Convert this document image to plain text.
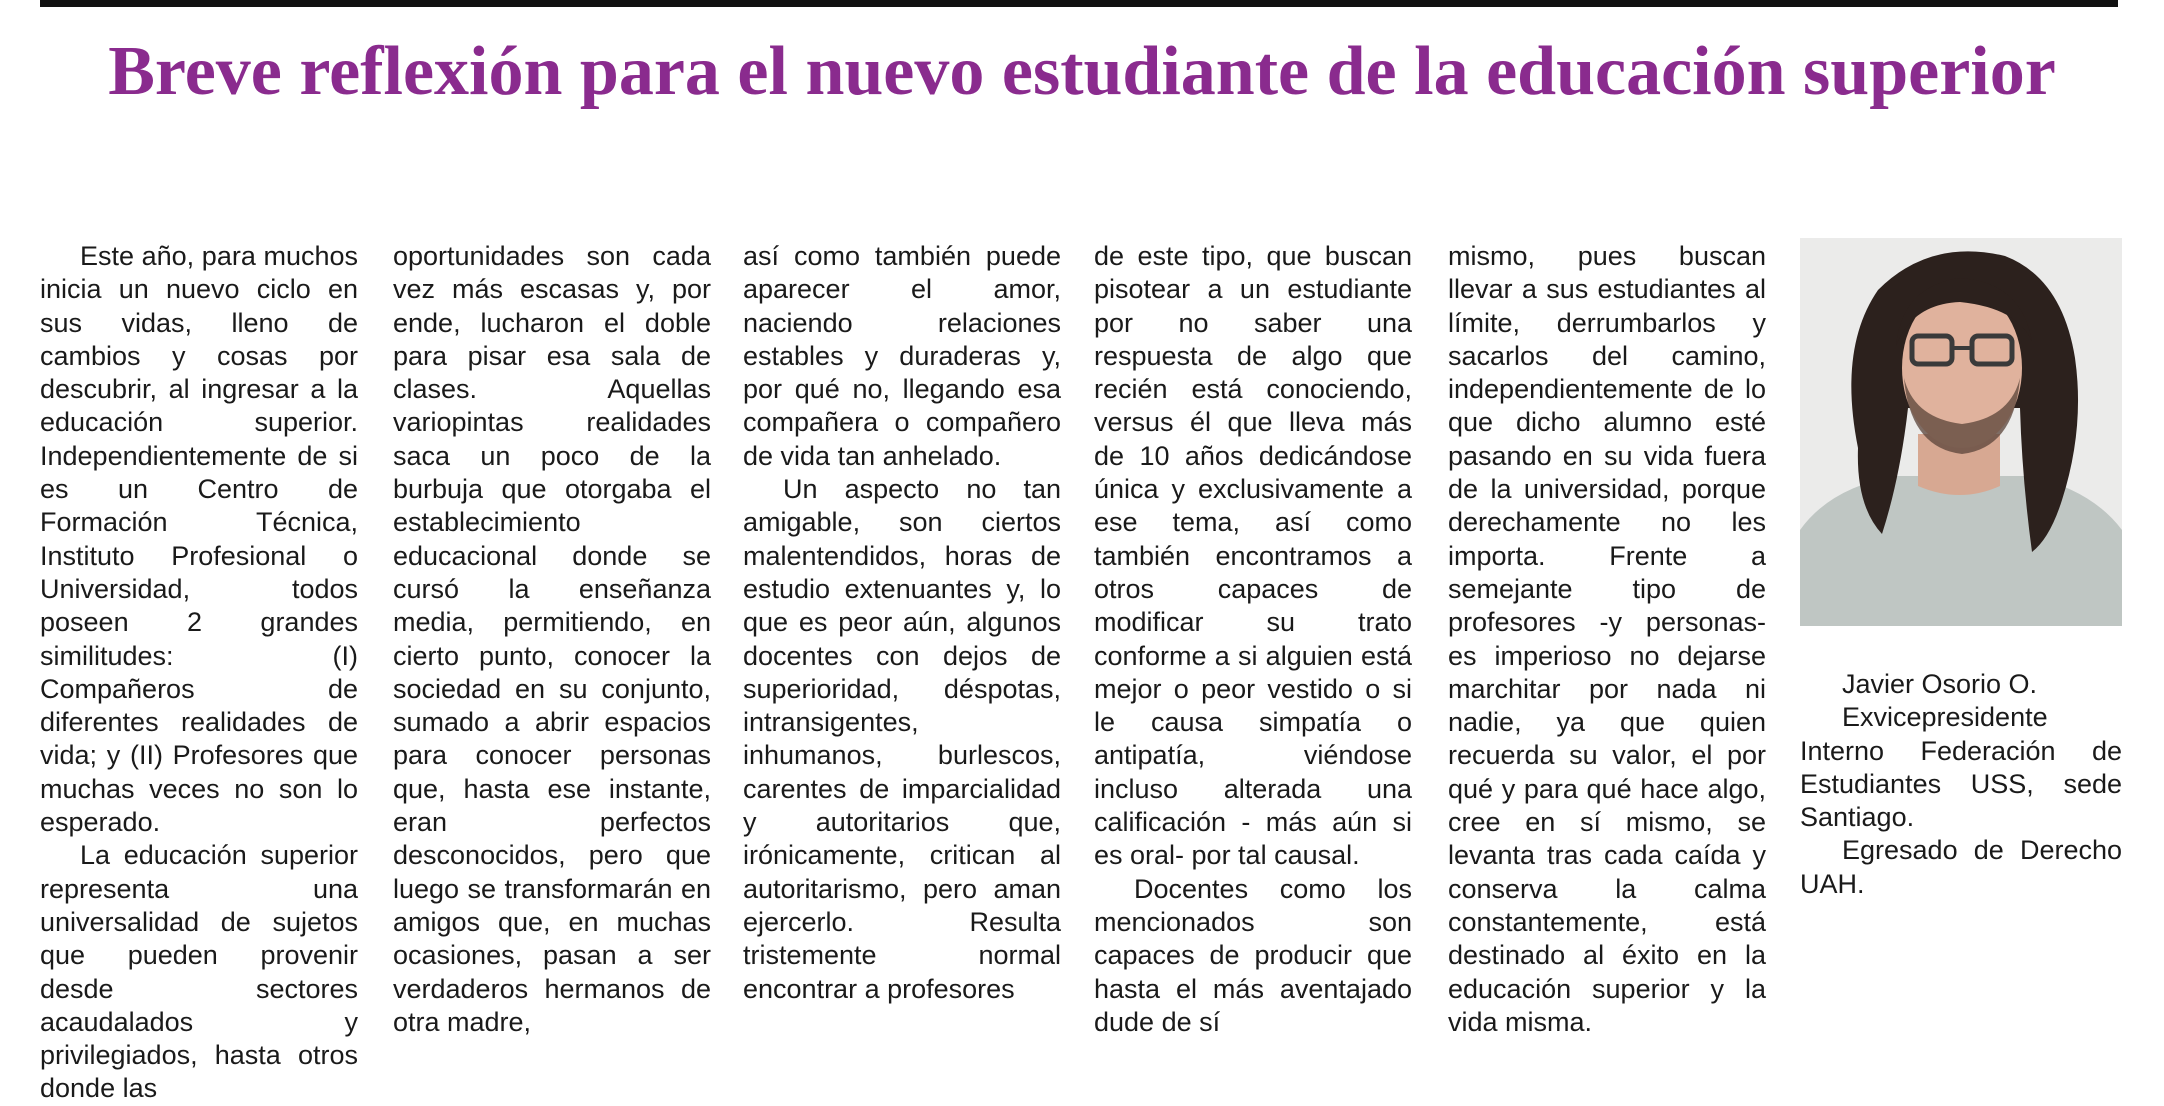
Breve reflexión para el nuevo estudiante de la educación superior

Este año, para muchos inicia un nuevo ciclo en sus vidas, lleno de cambios y cosas por descubrir, al ingresar a la educación superior. Independientemente de si es un Centro de Formación Técnica, Instituto Profesional o Universidad, todos poseen 2 grandes similitudes: (I) Compañeros de diferentes realidades de vida; y (II) Profesores que muchas veces no son lo esperado.

La educación superior representa una universalidad de sujetos que pueden provenir desde sectores acaudalados y privilegiados, hasta otros donde las

oportunidades son cada vez más escasas y, por ende, lucharon el doble para pisar esa sala de clases. Aquellas variopintas realidades saca un poco de la burbuja que otorgaba el establecimiento educacional donde se cursó la enseñanza media, permitiendo, en cierto punto, conocer la sociedad en su conjunto, sumado a abrir espacios para conocer personas que, hasta ese instante, eran perfectos desconocidos, pero que luego se transformarán en amigos que, en muchas ocasiones, pasan a ser verdaderos hermanos de otra madre,

así como también puede aparecer el amor, naciendo relaciones estables y duraderas y, por qué no, llegando esa compañera o compañero de vida tan anhelado.

Un aspecto no tan amigable, son ciertos malentendidos, horas de estudio extenuantes y, lo que es peor aún, algunos docentes con dejos de superioridad, déspotas, intransigentes, inhumanos, burlescos, carentes de imparcialidad y autoritarios que, irónicamente, critican al autoritarismo, pero aman ejercerlo. Resulta tristemente normal encontrar a profesores

de este tipo, que buscan pisotear a un estudiante por no saber una respuesta de algo que recién está conociendo, versus él que lleva más de 10 años dedicándose única y exclusivamente a ese tema, así como también encontramos a otros capaces de modificar su trato conforme a si alguien está mejor o peor vestido o si le causa simpatía o antipatía, viéndose incluso alterada una calificación - más aún si es oral- por tal causal.

Docentes como los mencionados son capaces de producir que hasta el más aventajado dude de sí

mismo, pues buscan llevar a sus estudiantes al límite, derrumbarlos y sacarlos del camino, independientemente de lo que dicho alumno esté pasando en su vida fuera de la universidad, porque derechamente no les importa. Frente a semejante tipo de profesores -y personas- es imperioso no dejarse marchitar por nada ni nadie, ya que quien recuerda su valor, el por qué y para qué hace algo, cree en sí mismo, se levanta tras cada caída y conserva la calma constantemente, está destinado al éxito en la educación superior y la vida misma.

Javier Osorio O.

Exvicepresidente Interno Federación de Estudiantes USS, sede Santiago.

Egresado de Derecho UAH.
